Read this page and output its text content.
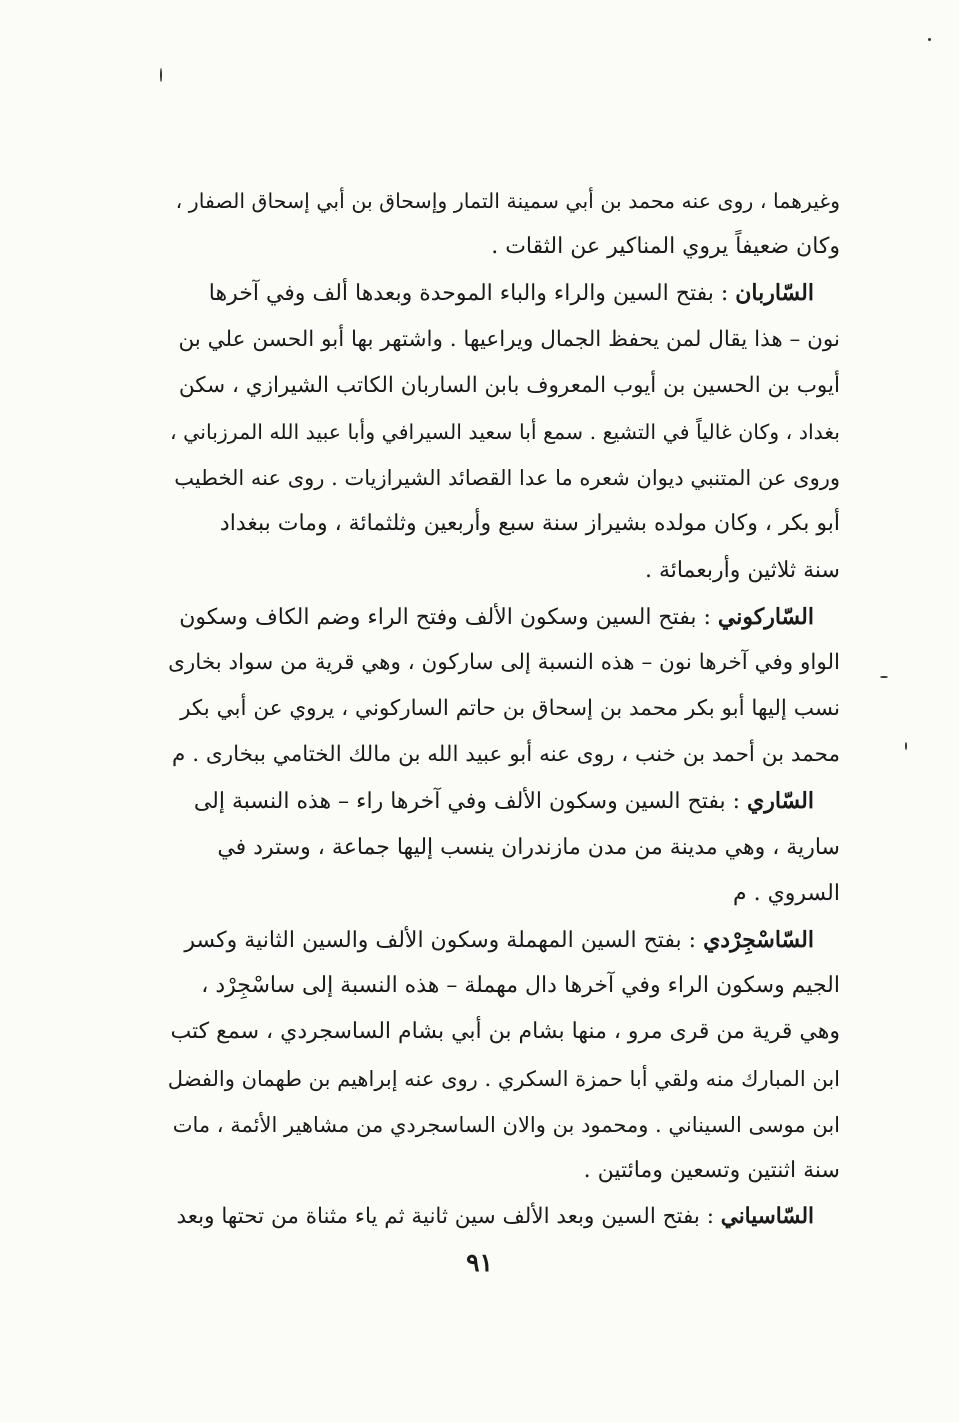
وغيرهما ، روى عنه محمد بن أبي سمينة التمار وإسحاق بن أبي إسحاق الصفار ،
وكان ضعيفاً يروي المناكير عن الثقات .
السّاربان : بفتح السين والراء والباء الموحدة وبعدها ألف وفي آخرها
نون – هذا يقال لمن يحفظ الجمال ويراعيها . واشتهر بها أبو الحسن علي بن
أيوب بن الحسين بن أيوب المعروف بابن الساربان الكاتب الشيرازي ، سكن
بغداد ، وكان غالياً في التشيع . سمع أبا سعيد السيرافي وأبا عبيد الله المرزباني ،
وروى عن المتنبي ديوان شعره ما عدا القصائد الشيرازيات . روى عنه الخطيب
أبو بكر ، وكان مولده بشيراز سنة سبع وأربعين وثلثمائة ، ومات ببغداد
سنة ثلاثين وأربعمائة .
السّاركوني : بفتح السين وسكون الألف وفتح الراء وضم الكاف وسكون
الواو وفي آخرها نون – هذه النسبة إلى ساركون ، وهي قرية من سواد بخارى
نسب إليها أبو بكر محمد بن إسحاق بن حاتم الساركوني ، يروي عن أبي بكر
محمد بن أحمد بن خنب ، روى عنه أبو عبيد الله بن مالك الختامي ببخارى . م
السّاري : بفتح السين وسكون الألف وفي آخرها راء – هذه النسبة إلى
سارية ، وهي مدينة من مدن مازندران ينسب إليها جماعة ، وسترد في
السروي . م
السّاسْجِرْدي : بفتح السين المهملة وسكون الألف والسين الثانية وكسر
الجيم وسكون الراء وفي آخرها دال مهملة – هذه النسبة إلى ساسْجِرْد ،
وهي قرية من قرى مرو ، منها بشام بن أبي بشام الساسجردي ، سمع كتب
ابن المبارك منه ولقي أبا حمزة السكري . روى عنه إبراهيم بن طهمان والفضل
ابن موسى السيناني . ومحمود بن والان الساسجردي من مشاهير الأئمة ، مات
سنة اثنتين وتسعين ومائتين .
السّاسياني : بفتح السين وبعد الألف سين ثانية ثم ياء مثناة من تحتها وبعد
٩١
